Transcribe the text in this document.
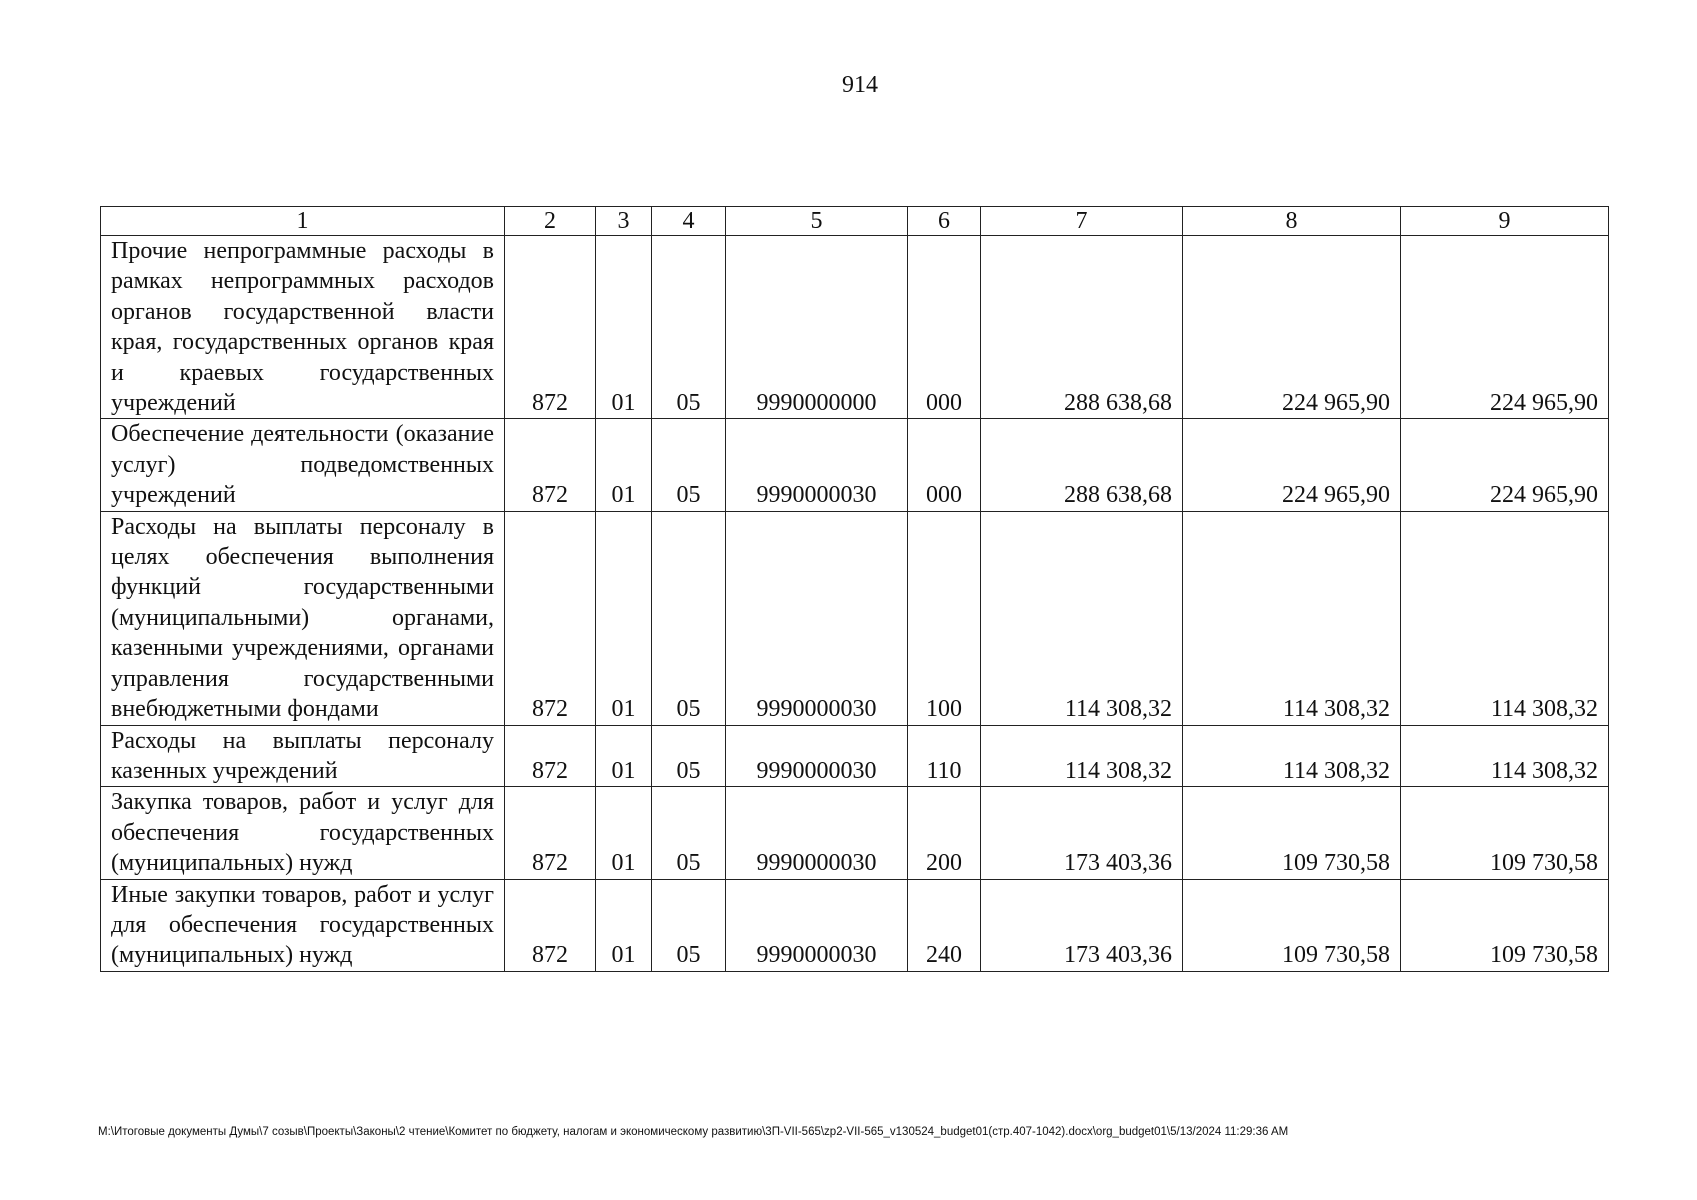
914
1	2	3	4	5	6	7	8	9
Прочие непрограммные расходы в рамках непрограммных расходов органов государственной власти края, государственных органов края и краевых государственных учреждений	872	01	05	9990000000	000	288 638,68	224 965,90	224 965,90
Обеспечение деятельности (оказание услуг) подведомственных учреждений	872	01	05	9990000030	000	288 638,68	224 965,90	224 965,90
Расходы на выплаты персоналу в целях обеспечения выполнения функций государственными (муниципальными) органами, казенными учреждениями, органами управления государственными внебюджетными фондами	872	01	05	9990000030	100	114 308,32	114 308,32	114 308,32
Расходы на выплаты персоналу казенных учреждений	872	01	05	9990000030	110	114 308,32	114 308,32	114 308,32
Закупка товаров, работ и услуг для обеспечения государственных (муниципальных) нужд	872	01	05	9990000030	200	173 403,36	109 730,58	109 730,58
Иные закупки товаров, работ и услуг для обеспечения государственных (муниципальных) нужд	872	01	05	9990000030	240	173 403,36	109 730,58	109 730,58
M:\Итоговые документы Думы\7 созыв\Проекты\Законы\2 чтение\Комитет по бюджету, налогам и экономическому развитию\3П-VII-565\zp2-VII-565_v130524_budget01(стр.407-1042).docx\org_budget01\5/13/2024 11:29:36 AM
